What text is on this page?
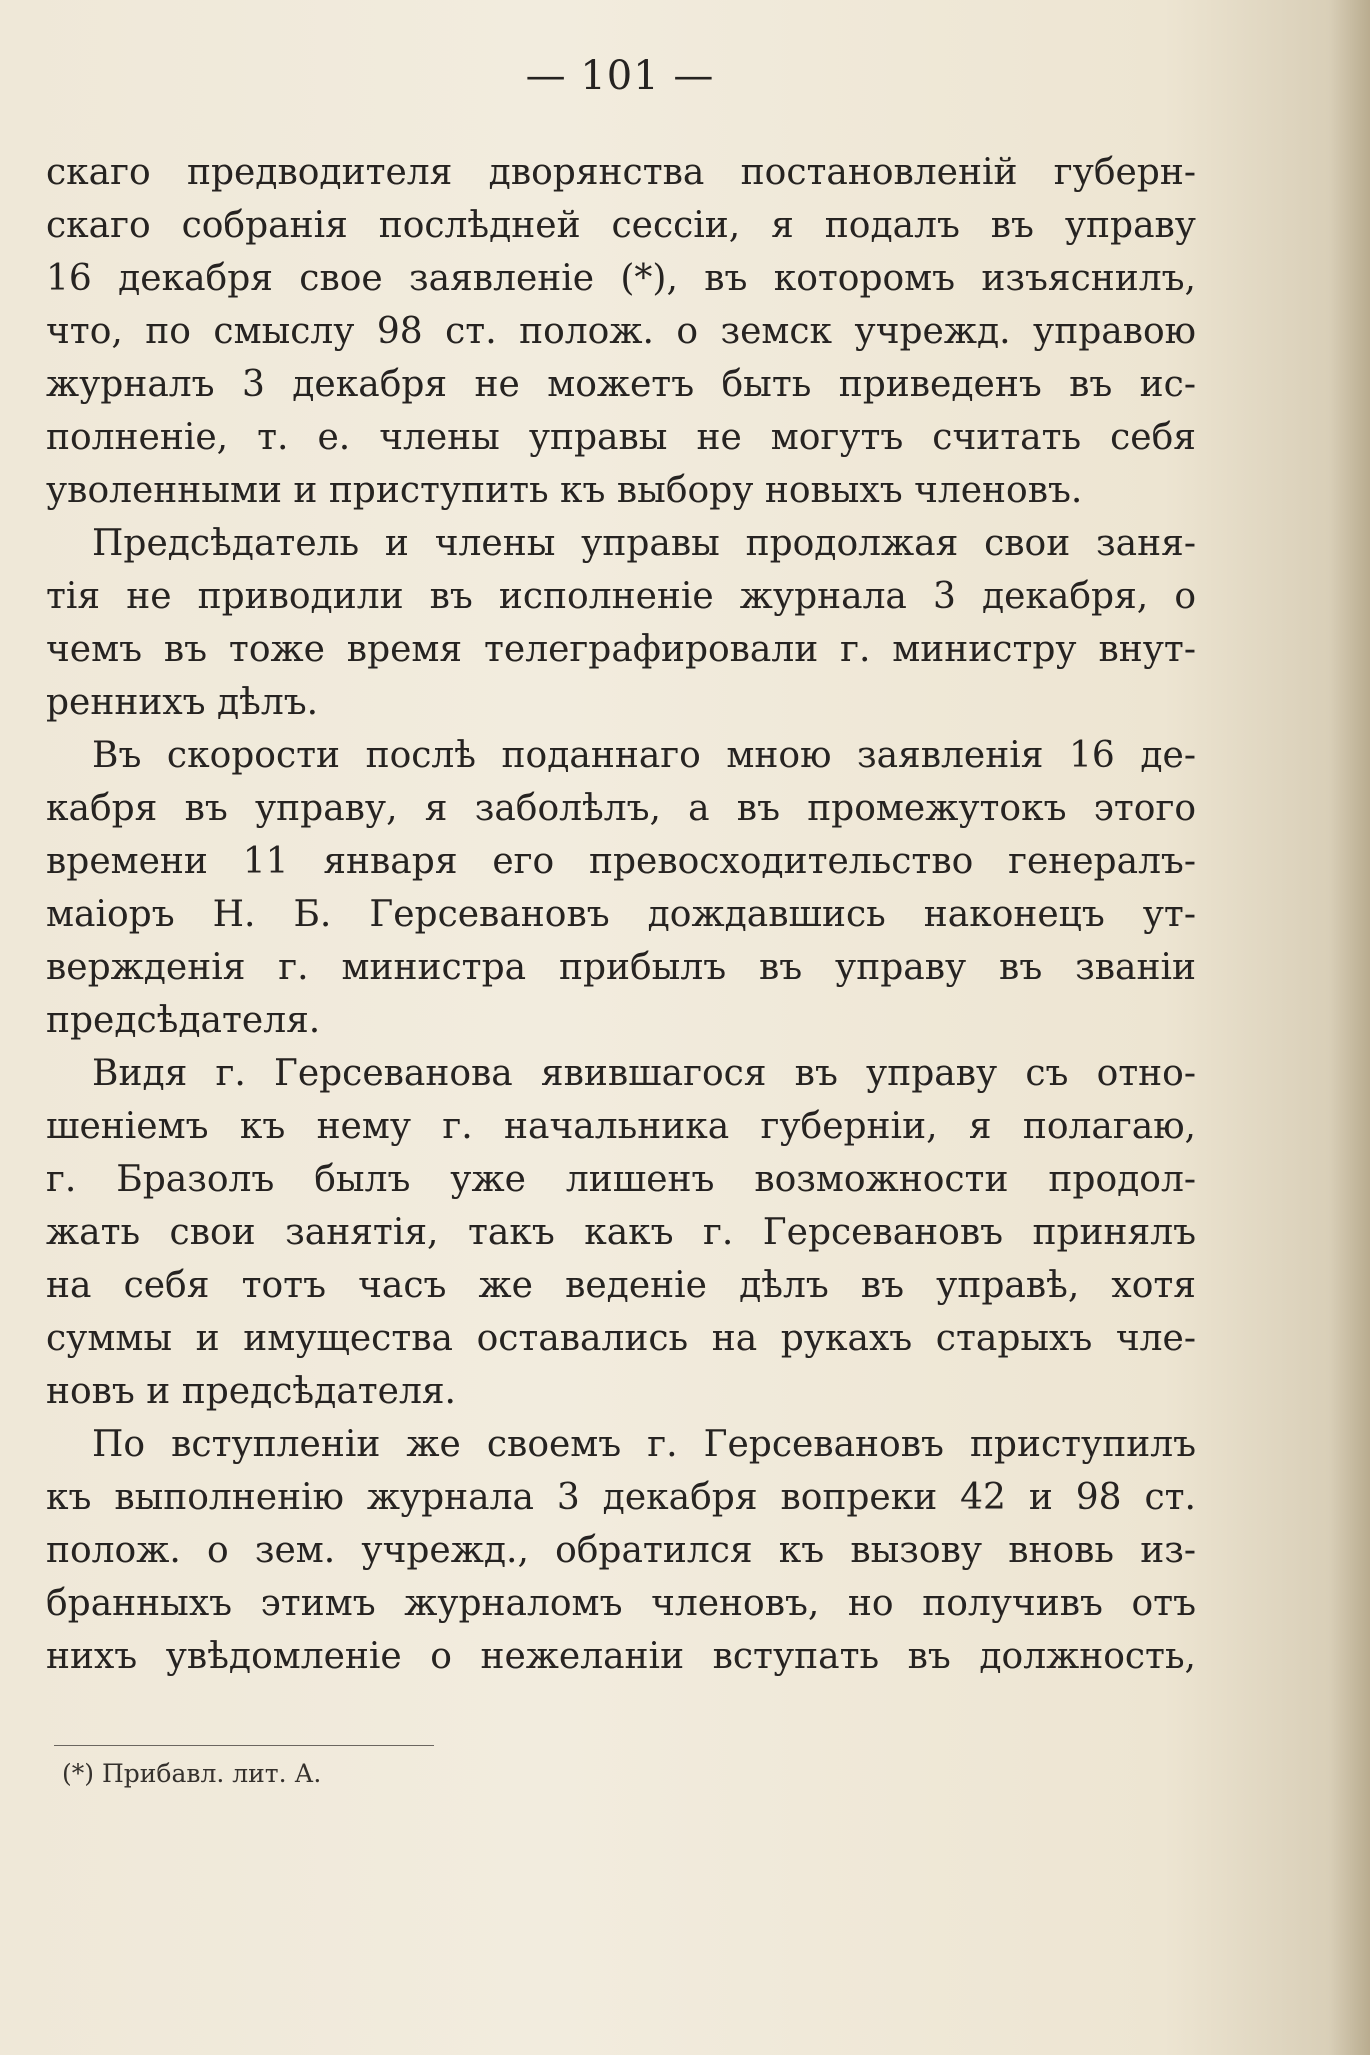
— 101 —
скаго предводителя дворянства постановленій губерн-
скаго собранія послѣдней сессіи, я подалъ въ управу
16 декабря свое заявленіе (*), въ которомъ изъяснилъ,
что, по смыслу 98 ст. полож. о земск учрежд. управою
журналъ 3 декабря не можетъ быть приведенъ въ ис-
полненіе, т. е. члены управы не могутъ считать себя
уволенными и приступить къ выбору новыхъ членовъ.
Предсѣдатель и члены управы продолжая свои заня-
тія не приводили въ исполненіе журнала 3 декабря, о
чемъ въ тоже время телеграфировали г. министру внут-
реннихъ дѣлъ.
Въ скорости послѣ поданнаго мною заявленія 16 де-
кабря въ управу, я заболѣлъ, а въ промежутокъ этого
времени 11 января его превосходительство генералъ-
маіоръ Н. Б. Герсевановъ дождавшись наконецъ ут-
вержденія г. министра прибылъ въ управу въ званіи
предсѣдателя.
Видя г. Герсеванова явившагося въ управу съ отно-
шеніемъ къ нему г. начальника губерніи, я полагаю,
г. Бразолъ былъ уже лишенъ возможности продол-
жать свои занятія, такъ какъ г. Герсевановъ принялъ
на себя тотъ часъ же веденіе дѣлъ въ управѣ, хотя
суммы и имущества оставались на рукахъ старыхъ чле-
новъ и предсѣдателя.
По вступленіи же своемъ г. Герсевановъ приступилъ
къ выполненію журнала 3 декабря вопреки 42 и 98 ст.
полож. о зем. учрежд., обратился къ вызову вновь из-
бранныхъ этимъ журналомъ членовъ, но получивъ отъ
нихъ увѣдомленіе о нежеланіи вступать въ должность,
(*) Прибавл. лит. А.
